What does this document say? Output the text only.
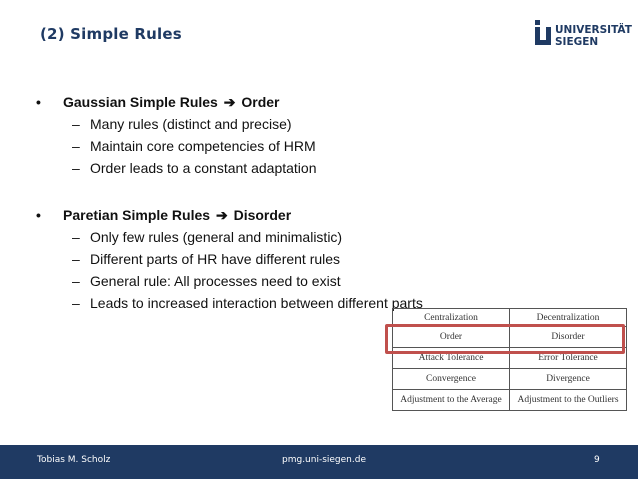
(2) Simple Rules	UNIVERSITÄT
SIEGEN
• Gaussian Simple Rules ➔ Order
– Many rules (distinct and precise)
– Maintain core competencies of HRM
– Order leads to a constant adaptation
• Paretian Simple Rules ➔ Disorder
– Only few rules (general and minimalistic)
– Different parts of HR have different rules
– General rule: All processes need to exist
– Leads to increased interaction between different parts
Centralization	Decentralization
Order	Disorder
Attack Tolerance	Error Tolerance
Convergence	Divergence
Adjustment to the Average	Adjustment to the Outliers
Tobias M. Scholz	pmg.uni-siegen.de	9
